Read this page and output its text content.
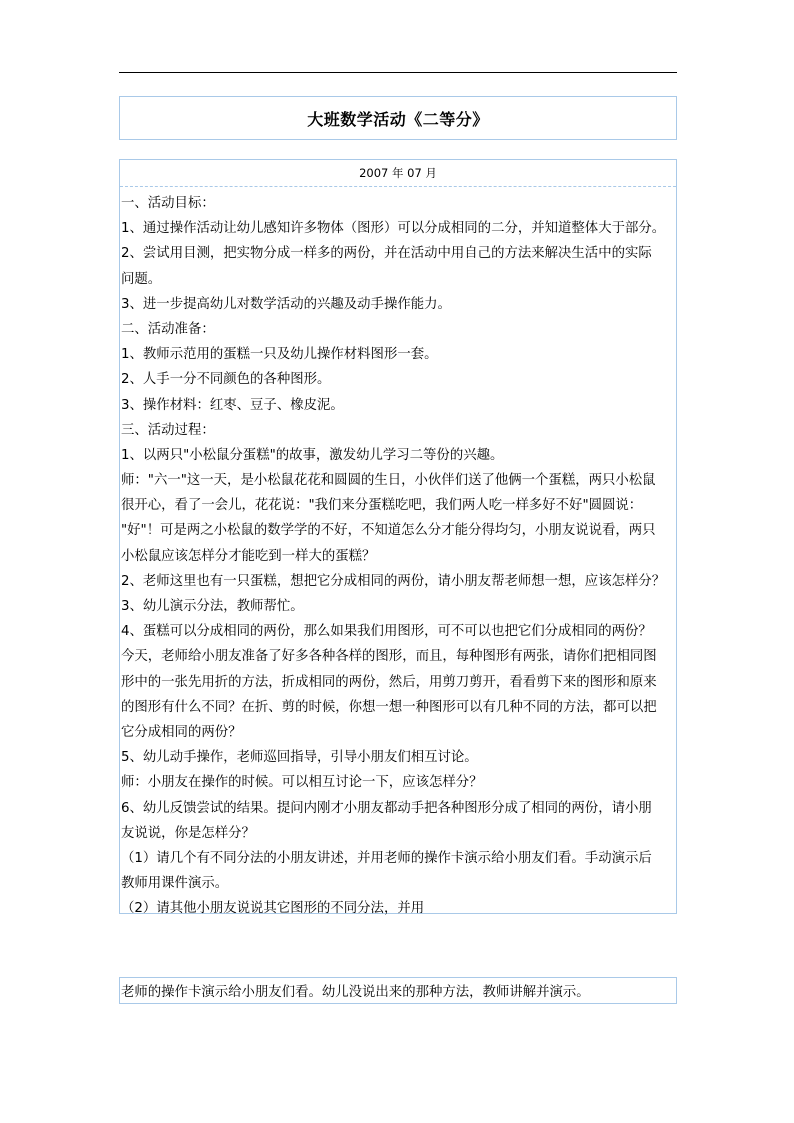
大班数学活动《二等分》
2007 年 07 月
一、活动目标：
1、通过操作活动让幼儿感知许多物体（图形）可以分成相同的二分，并知道整体大于部分。
2、尝试用目测，把实物分成一样多的两份，并在活动中用自己的方法来解决生活中的实际
问题。
3、进一步提高幼儿对数学活动的兴趣及动手操作能力。
二、活动准备：
1、教师示范用的蛋糕一只及幼儿操作材料图形一套。
2、人手一分不同颜色的各种图形。
3、操作材料：红枣、豆子、橡皮泥。
三、活动过程：
1、以两只"小松鼠分蛋糕"的故事，激发幼儿学习二等份的兴趣。
师："六一"这一天，是小松鼠花花和圆圆的生日，小伙伴们送了他俩一个蛋糕，两只小松鼠
很开心，看了一会儿，花花说："我们来分蛋糕吃吧，我们两人吃一样多好不好"圆圆说：
"好"！可是两之小松鼠的数学学的不好，不知道怎么分才能分得均匀，小朋友说说看，两只
小松鼠应该怎样分才能吃到一样大的蛋糕？
2、老师这里也有一只蛋糕，想把它分成相同的两份，请小朋友帮老师想一想，应该怎样分？
3、幼儿演示分法，教师帮忙。
4、蛋糕可以分成相同的两份，那么如果我们用图形，可不可以也把它们分成相同的两份？
今天，老师给小朋友准备了好多各种各样的图形，而且，每种图形有两张，请你们把相同图
形中的一张先用折的方法，折成相同的两份，然后，用剪刀剪开，看看剪下来的图形和原来
的图形有什么不同？在折、剪的时候，你想一想一种图形可以有几种不同的方法，都可以把
它分成相同的两份？
5、幼儿动手操作，老师巡回指导，引导小朋友们相互讨论。
师：小朋友在操作的时候。可以相互讨论一下，应该怎样分？
6、幼儿反馈尝试的结果。提问内刚才小朋友都动手把各种图形分成了相同的两份，请小朋
友说说，你是怎样分？
（1）请几个有不同分法的小朋友讲述，并用老师的操作卡演示给小朋友们看。手动演示后
教师用课件演示。
（2）请其他小朋友说说其它图形的不同分法，并用
老师的操作卡演示给小朋友们看。幼儿没说出来的那种方法，教师讲解并演示。
